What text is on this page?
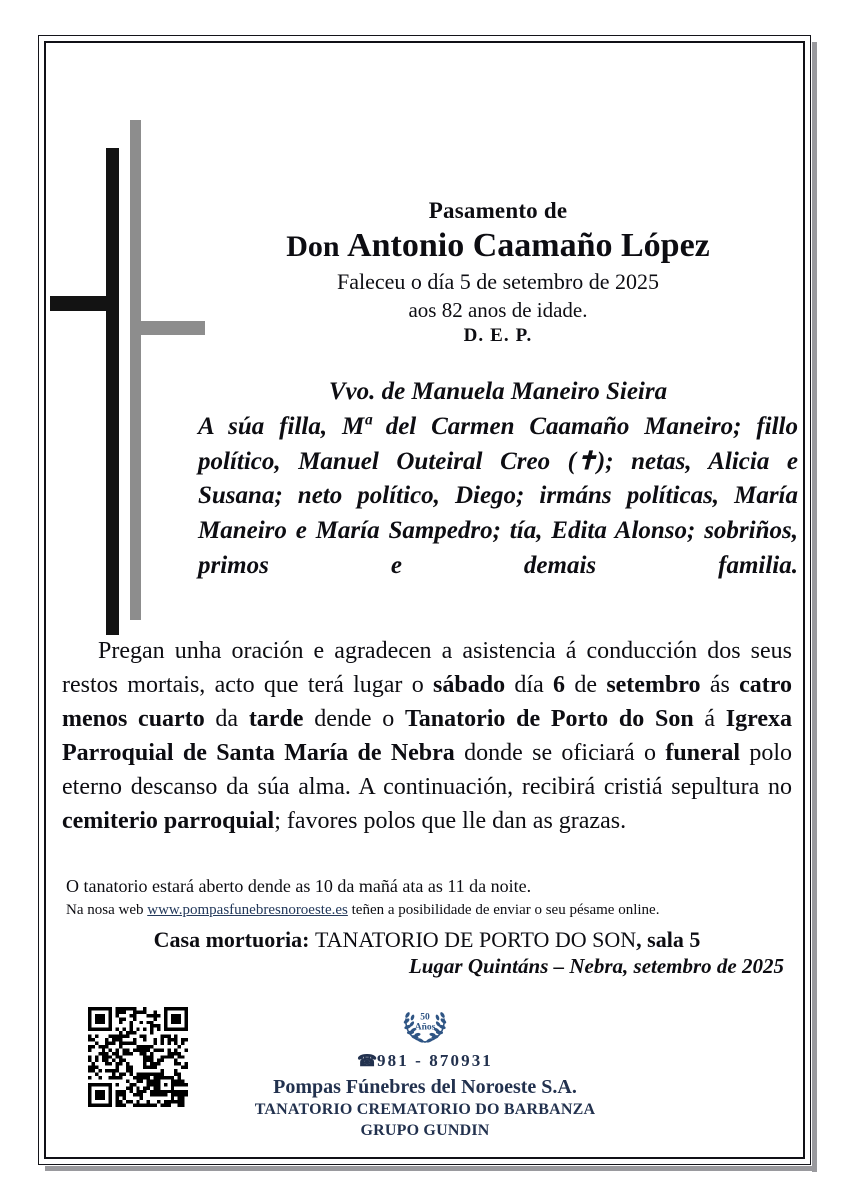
Pasamento de
Don Antonio Caamaño López
Faleceu o día 5 de setembro de 2025
aos 82 anos de idade.
D. E. P.
Vvo. de Manuela Maneiro Sieira
A súa filla, Mª del Carmen Caamaño Maneiro; fillo político, Manuel Outeiral Creo (✝); netas, Alicia e Susana; neto político, Diego; irmáns políticas, María Maneiro e María Sampedro; tía, Edita Alonso; sobriños, primos e demais familia.
Pregan unha oración e agradecen a asistencia á conducción dos seus restos mortais, acto que terá lugar o sábado día 6 de setembro ás catro menos cuarto da tarde dende o Tanatorio de Porto do Son á Igrexa Parroquial de Santa María de Nebra donde se oficiará o funeral polo eterno descanso da súa alma. A continuación, recibirá cristiá sepultura no cemiterio parroquial; favores polos que lle dan as grazas.
O tanatorio estará aberto dende as 10 da mañá ata as 11 da noite.
Na nosa web www.pompasfunebresnoroeste.es teñen a posibilidade de enviar o seu pésame online.
Casa mortuoria: TANATORIO DE PORTO DO SON, sala 5
Lugar Quintáns – Nebra, setembro de 2025
50
Años
☎981 - 870931
Pompas Fúnebres del Noroeste S.A.
TANATORIO CREMATORIO DO BARBANZA
GRUPO GUNDIN
